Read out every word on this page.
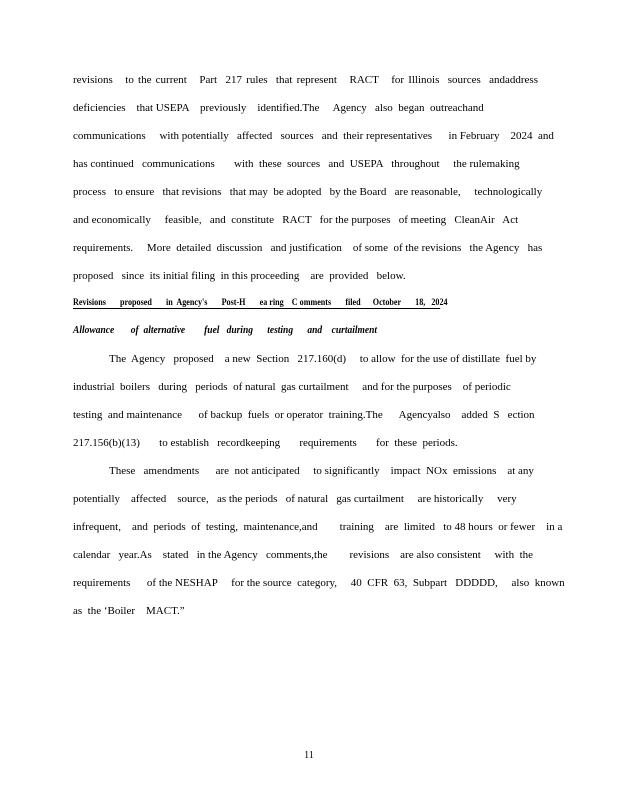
revisions   to the current   Part  217 rules  that represent   RACT   for Illinois  sources  andaddress
deficiencies    that USEPA    previously    identified.The     Agency   also  began  outreachand
communications     with potentially   affected   sources   and  their representatives      in February    2024  and
has continued   communications       with  these  sources   and  USEPA   throughout     the rulemaking
process   to ensure   that revisions   that may  be adopted   by the Board   are reasonable,     technologically
and economically     feasible,   and  constitute   RACT   for the purposes   of meeting   CleanAir   Act
requirements.     More  detailed  discussion   and justification    of some  of the revisions   the Agency   has
proposed   since  its initial filing  in this proceeding    are  provided   below.
Revisions       proposed       in  Agency's       Post-H       ea ring    C omments       filed      October       18,   2024
Allowance       of  alternative        fuel   during      testing      and    curtailment
The  Agency   proposed    a new  Section   217.160(d)     to allow  for the use of distillate  fuel by
industrial  boilers   during   periods  of natural  gas curtailment     and for the purposes    of periodic
testing  and maintenance      of backup  fuels  or operator  training.The      Agencyalso    added  S   ection
217.156(b)(13)       to establish   recordkeeping       requirements       for  these  periods.
These   amendments      are  not anticipated     to significantly    impact  NOx  emissions    at any
potentially    affected    source,   as the periods   of natural   gas curtailment     are historically     very
infrequent,    and  periods  of  testing,  maintenance,and        training    are  limited   to 48 hours  or fewer    in a
calendar   year.As    stated   in the Agency   comments,the        revisions    are also consistent     with  the
requirements      of the NESHAP     for the source  category,     40  CFR  63,  Subpart   DDDDD,     also  known
as  the ‘Boiler    MACT.”
11
